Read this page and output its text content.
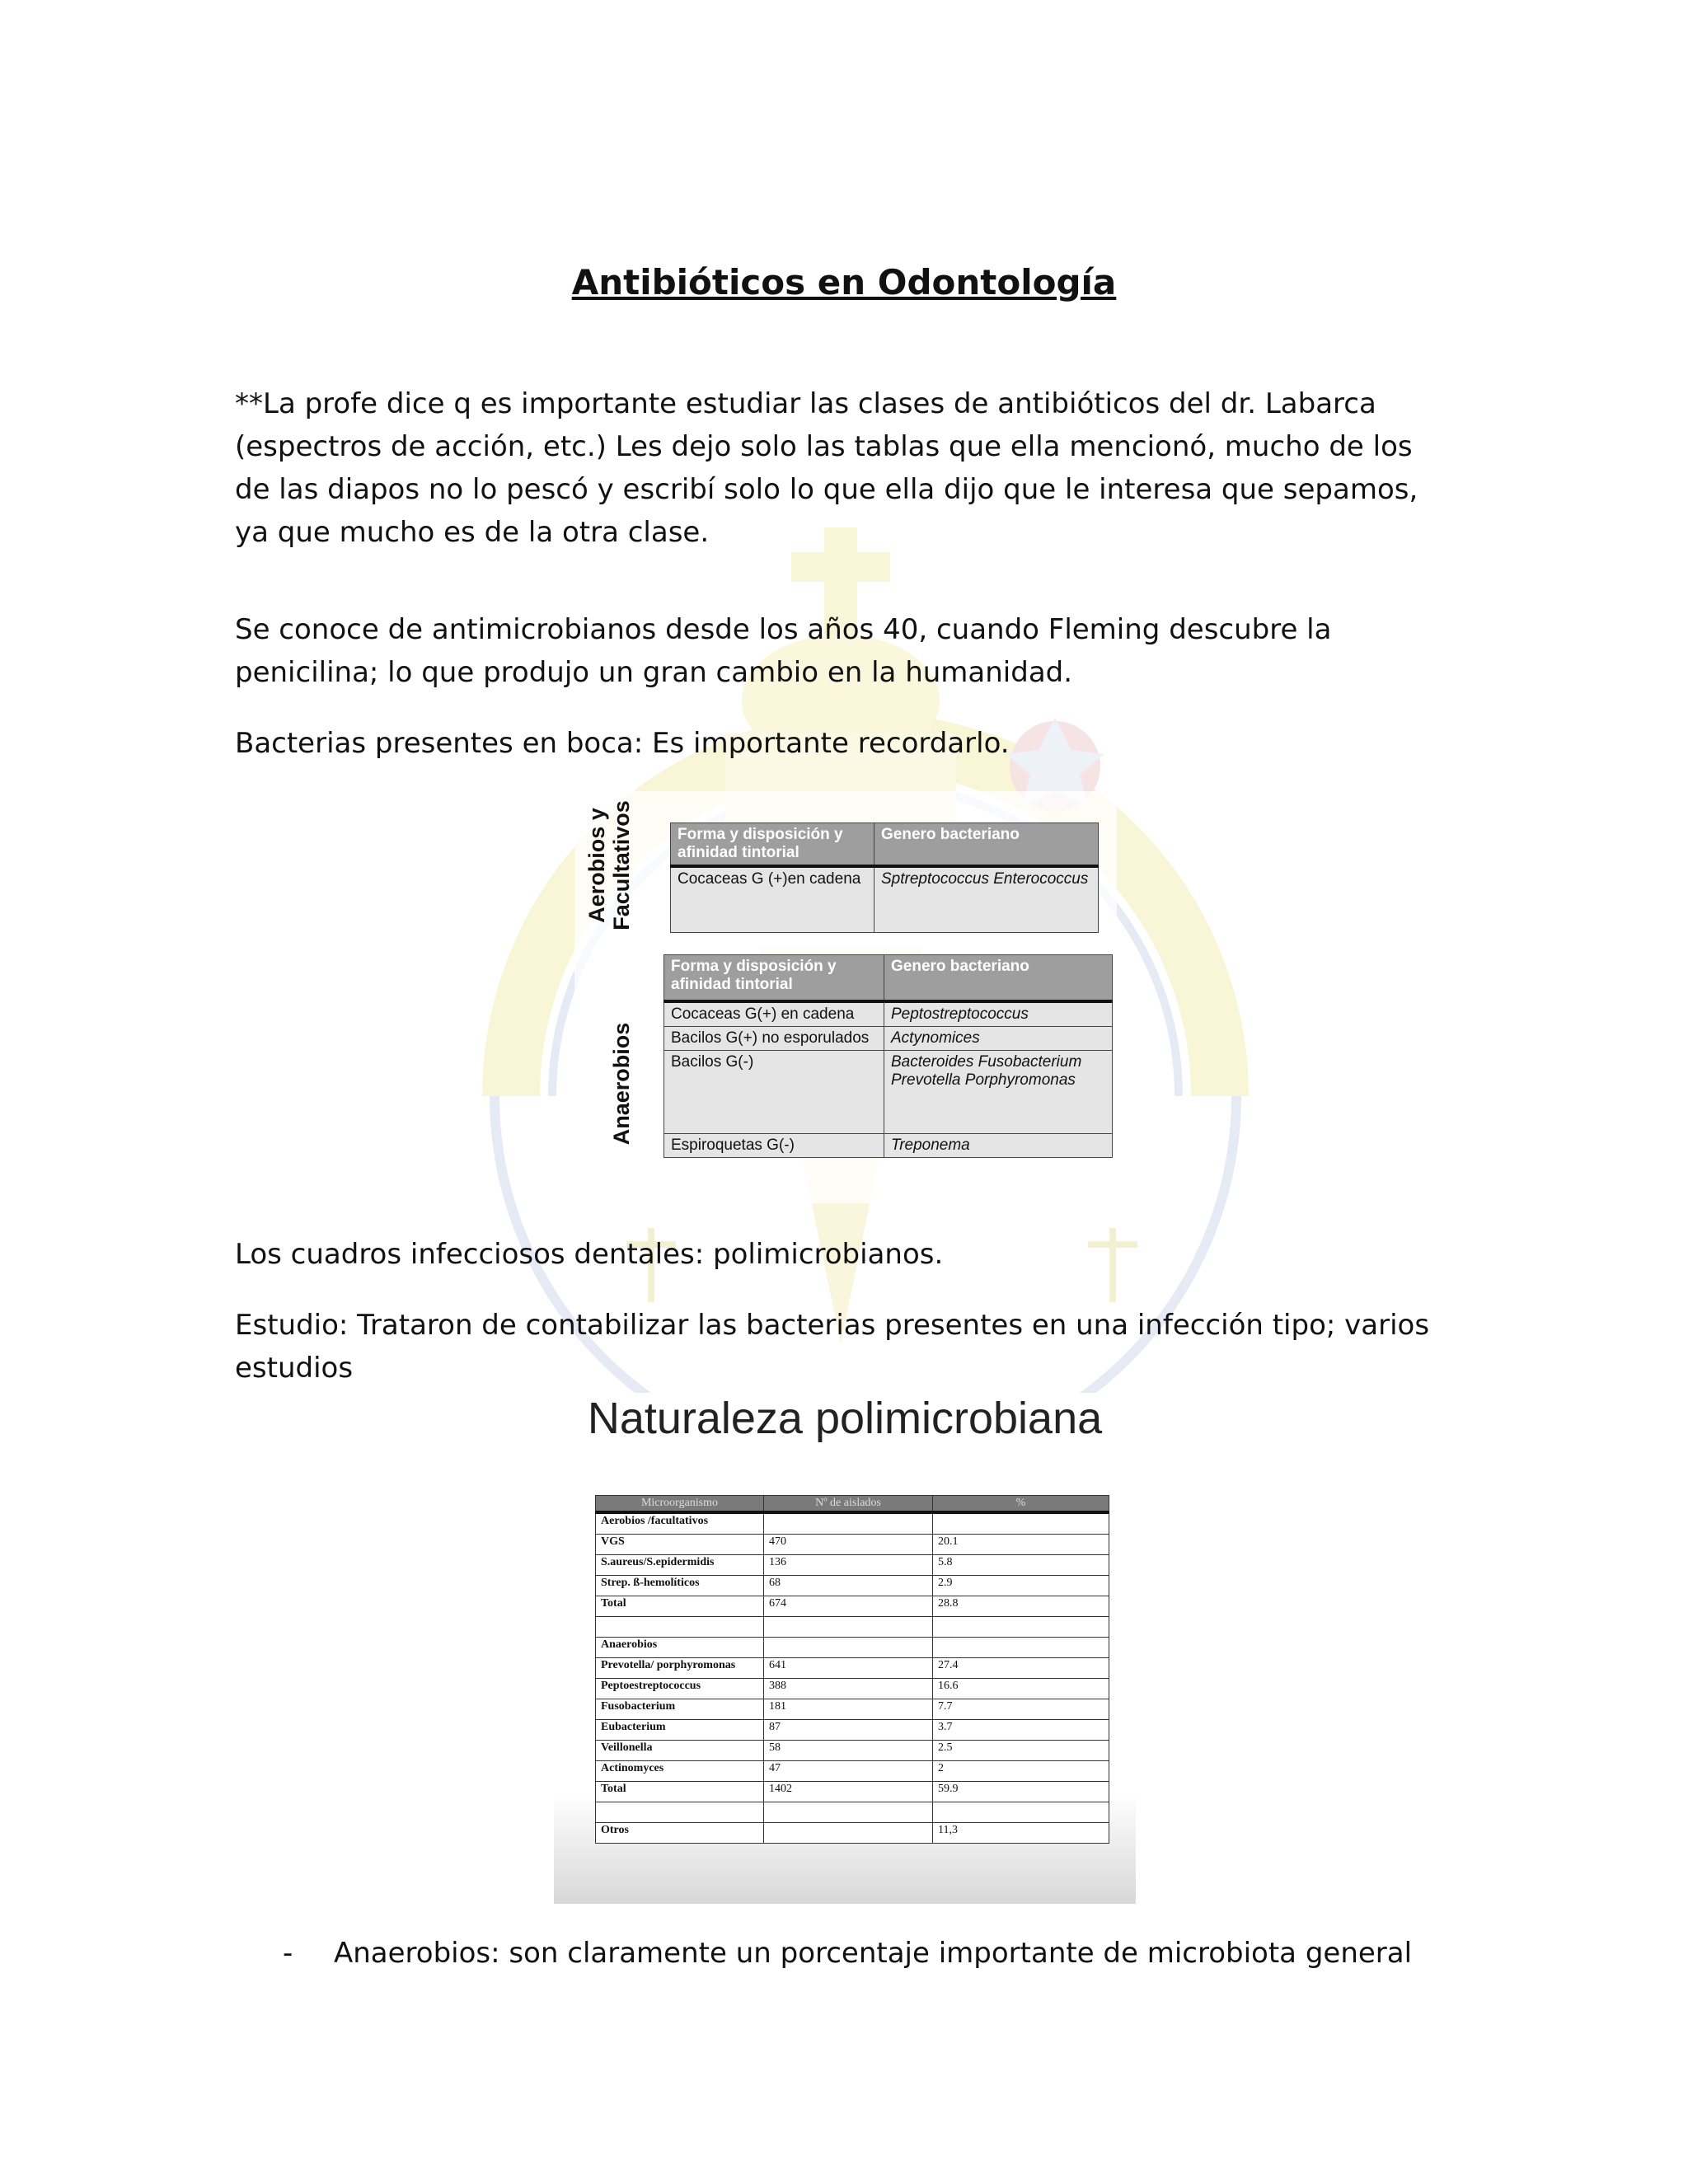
Antibióticos en Odontología
**La profe dice q es importante estudiar las clases de antibióticos del dr. Labarca (espectros de acción, etc.) Les dejo solo las tablas que ella mencionó, mucho de los de las diapos no lo pescó y escribí solo lo que ella dijo que le interesa que sepamos, ya que mucho es de la otra clase.
Se conoce de antimicrobianos desde los años 40, cuando Fleming descubre la penicilina; lo que produjo un gran cambio en la humanidad.
Bacterias presentes en boca: Es importante recordarlo.
Aerobios y Facultativos
Anaerobios
Forma y disposición y afinidad tintorial	Genero bacteriano
Cocaceas G (+)en cadena	Sptreptococcus Enterococcus
Forma y disposición y afinidad tintorial	Genero bacteriano
Cocaceas G(+) en cadena	Peptostreptococcus
Bacilos G(+) no esporulados	Actynomices
Bacilos G(-)	Bacteroides Fusobacterium Prevotella Porphyromonas
Espiroquetas G(-)	Treponema
Los cuadros infecciosos dentales: polimicrobianos.
Estudio: Trataron de contabilizar las bacterias presentes en una infección tipo; varios estudios
Naturaleza polimicrobiana
Microorganismo	Nº de aislados	%
Aerobios /facultativos		
VGS	470	20.1
S.aureus/S.epidermidis	136	5.8
Strep. ß-hemolíticos	68	2.9
Total	674	28.8

Anaerobios		
Prevotella/ porphyromonas	641	27.4
Peptoestreptococcus	388	16.6
Fusobacterium	181	7.7
Eubacterium	87	3.7
Veillonella	58	2.5
Actinomyces	47	2
Total	1402	59.9

Otros		11,3
- Anaerobios: son claramente un porcentaje importante de microbiota general
